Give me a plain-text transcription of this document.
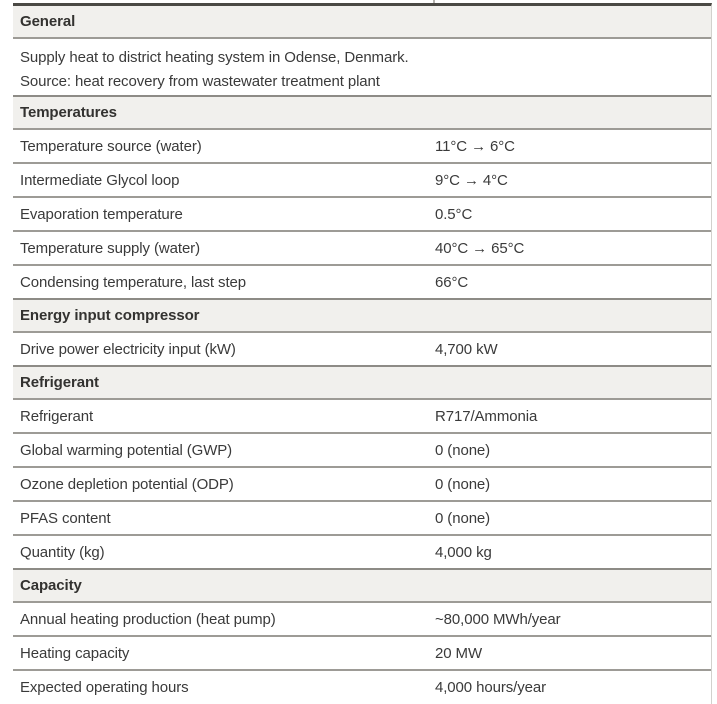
General
Supply heat to district heating system in Odense, Denmark.
Source: heat recovery from wastewater treatment plant
Temperatures
Temperature source (water)	11°C → 6°C
Intermediate Glycol loop	9°C → 4°C
Evaporation temperature	0.5°C
Temperature supply (water)	40°C → 65°C
Condensing temperature, last step	66°C
Energy input compressor
Drive power electricity input (kW)	4,700 kW
Refrigerant
Refrigerant	R717/Ammonia
Global warming potential (GWP)	0 (none)
Ozone depletion potential (ODP)	0 (none)
PFAS content	0 (none)
Quantity (kg)	4,000 kg
Capacity
Annual heating production (heat pump)	~80,000 MWh/year
Heating capacity	20 MW
Expected operating hours	4,000 hours/year
